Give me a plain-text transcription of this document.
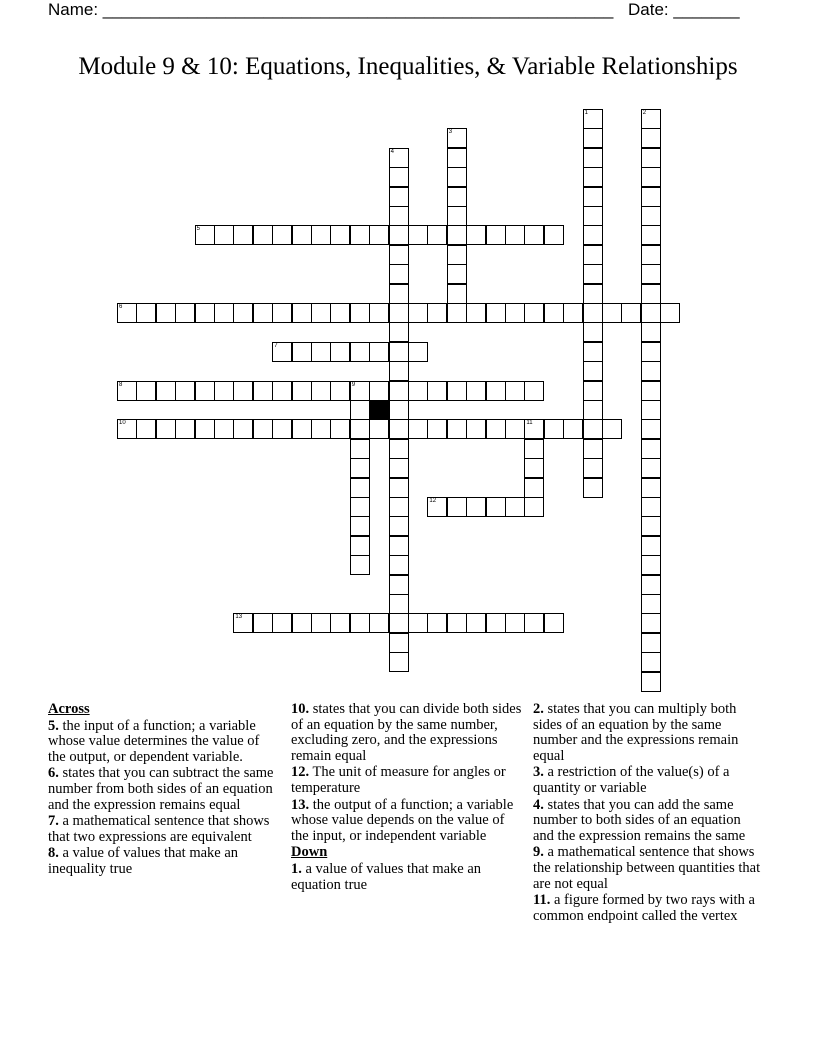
Name: ______________________________________________________ Date: _______
Module 9 & 10: Equations, Inequalities, & Variable Relationships
1	2
3
4
5
6
7
8	9
10	11
12
13
Across
5. the input of a function; a variable whose value determines the value of the output, or dependent variable.
6. states that you can subtract the same number from both sides of an equation and the expression remains equal
7. a mathematical sentence that shows that two expressions are equivalent
8. a value of values that make an inequality true
10. states that you can divide both sides of an equation by the same number, excluding zero, and the expressions remain equal
12. The unit of measure for angles or temperature
13. the output of a function; a variable whose value depends on the value of the input, or independent variable
Down
1. a value of values that make an equation true
2. states that you can multiply both sides of an equation by the same number and the expressions remain equal
3. a restriction of the value(s) of a quantity or variable
4. states that you can add the same number to both sides of an equation and the expression remains the same
9. a mathematical sentence that shows the relationship between quantities that are not equal
11. a figure formed by two rays with a common endpoint called the vertex
